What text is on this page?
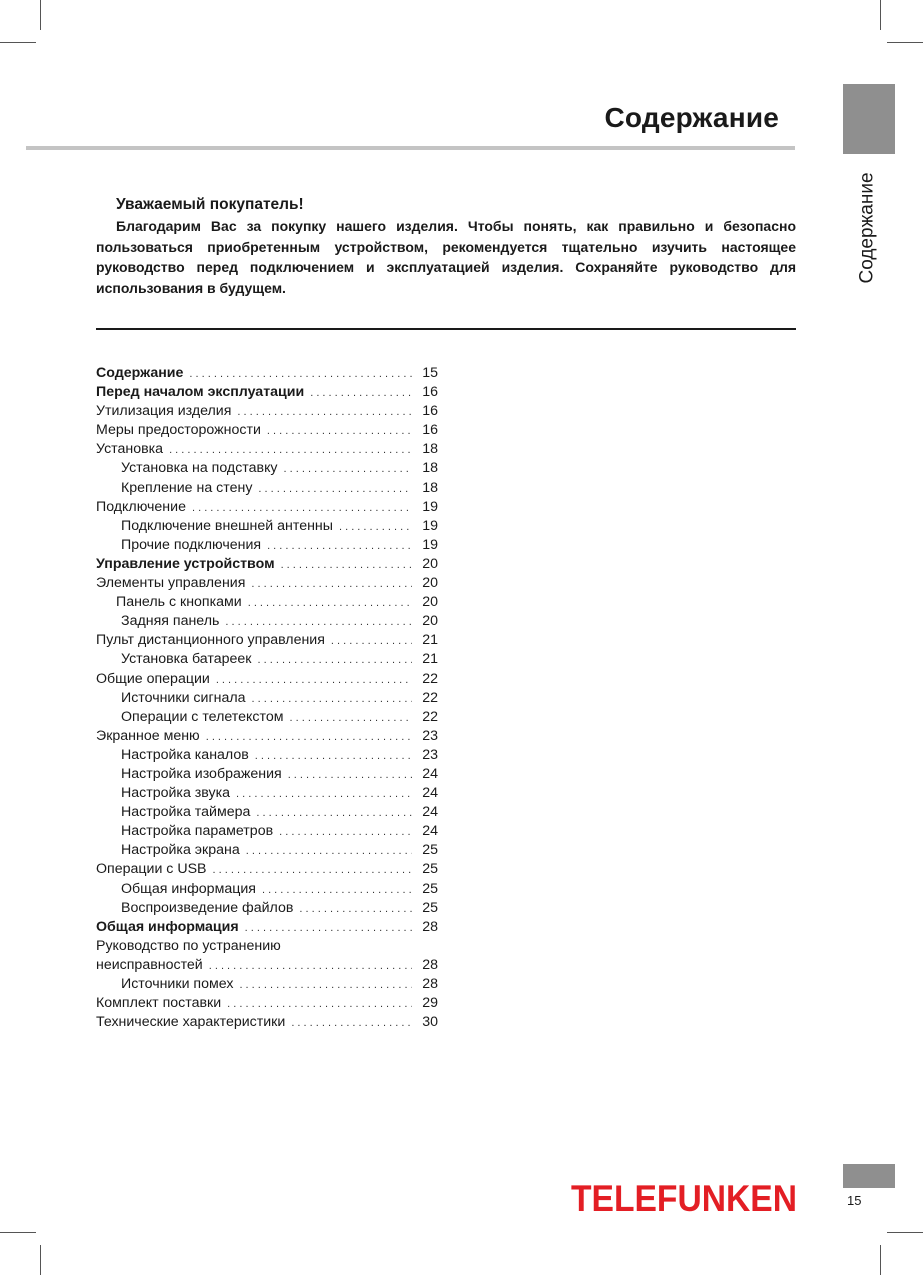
Содержание
Содержание

Уважаемый покупатель!

Благодарим Вас за покупку нашего изделия. Чтобы понять, как правильно и безопасно пользоваться приобретенным устройством, рекомендуется тщательно изучить настоящее руководство перед подключением и эксплуатацией изделия. Сохраняйте руководство для использования в будущем.

Содержание . . .	15
Перед началом эксплуатации . . .	16
Утилизация изделия . . .	16
Меры предосторожности . . .	16
Установка . . .	18
Установка на подставку . . .	18
Крепление на стену . . .	18
Подключение . . .	19
Подключение внешней антенны . . .	19
Прочие подключения . . .	19
Управление устройством . . .	20
Элементы управления . . .	20
Панель с кнопками . . .	20
Задняя панель . . .	20
Пульт дистанционного управления . . .	21
Установка батареек . . .	21
Общие операции . . .	22
Источники сигнала . . .	22
Операции с телетекстом . . .	22
Экранное меню . . .	23
Настройка каналов . . .	23
Настройка изображения . . .	24
Настройка звука . . .	24
Настройка таймера . . .	24
Настройка параметров . . .	24
Настройка экрана . . .	25
Операции с USB . . .	25
Общая информация . . .	25
Воспроизведение файлов . . .	25
Общая информация . . .	28
Руководство по устранению
неисправностей . . .	28
Источники помех . . .	28
Комплект поставки . . .	29
Технические характеристики . . .	30
TELEFUNKEN	15
